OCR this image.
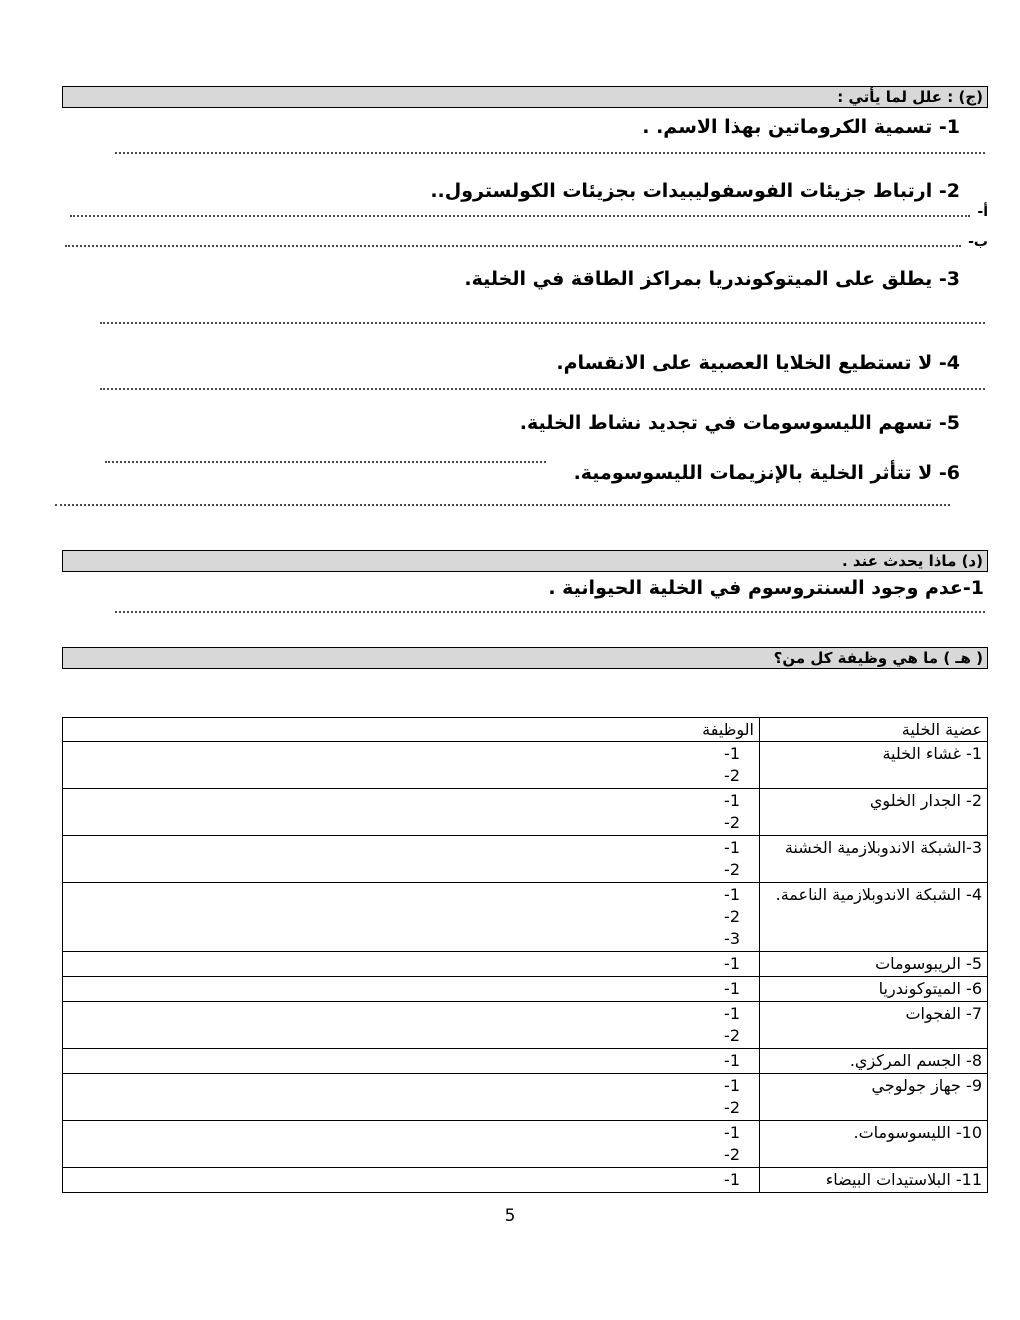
(ج) : علل لما يأتي :
1- تسمية الكروماتين بهذا الاسم. .
2- ارتباط جزيئات الفوسفوليبيدات بجزيئات الكولسترول..
أ-
ب-
3- يطلق على الميتوكوندريا بمراكز الطاقة في الخلية.
4- لا تستطيع الخلايا العصبية على الانقسام.
5- تسهم الليسوسومات في تجديد نشاط الخلية.
6- لا تتأثر الخلية بالإنزيمات الليسوسومية.
(د) ماذا يحدث عند .
1-عدم وجود السنتروسوم في الخلية الحيوانية .
( هـ ) ما هي وظيفة كل من؟
عضية الخلية	الوظيفة
1- غشاء الخلية	-1
-2

2- الجدار الخلوي	-1
-2

3-الشبكة الاندوبلازمية الخشنة	-1
-2

4- الشبكة الاندوبلازمية الناعمة.	-1
-2
-3

5- الريبوسومات	-1

6- الميتوكوندريا	-1

7- الفجوات	-1
-2

8- الجسم المركزي.	-1

9- جهاز جولوجي	-1
-2

10- الليسوسومات.	-1
-2

11- البلاستيدات البيضاء	-1
5
